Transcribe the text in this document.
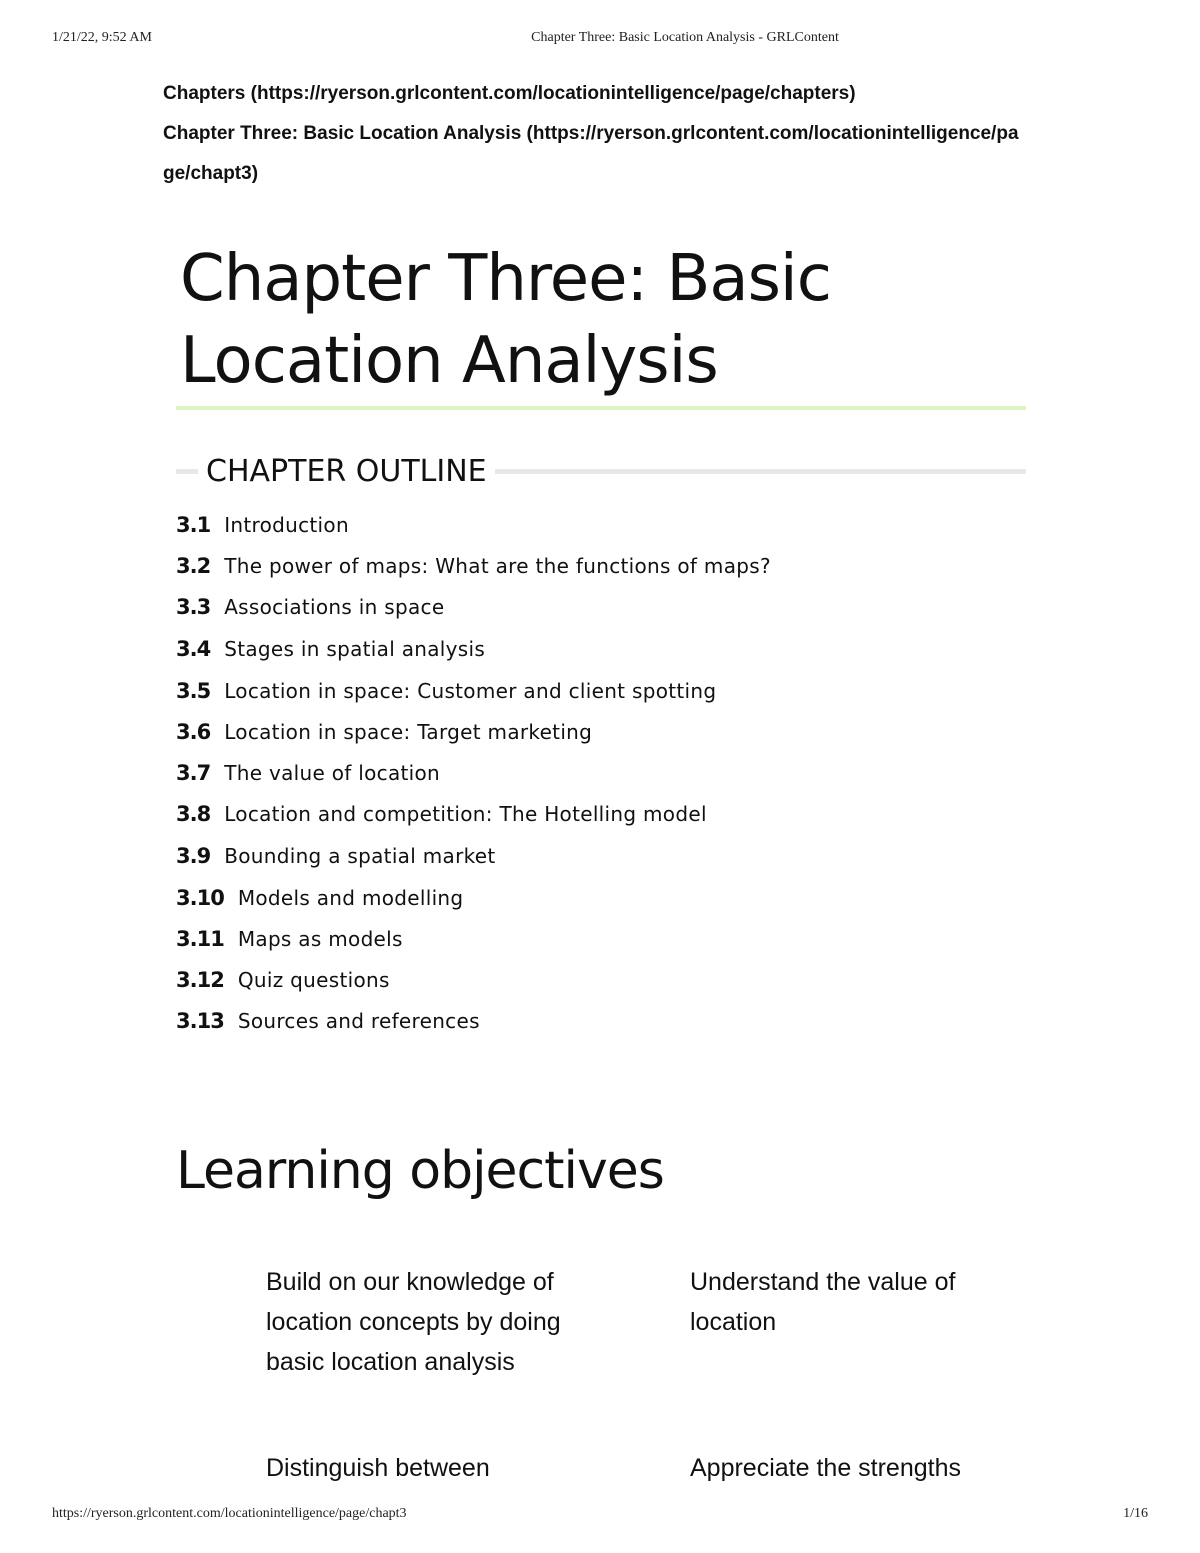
1/21/22, 9:52 AM	Chapter Three: Basic Location Analysis - GRLContent
Chapters (https://ryerson.grlcontent.com/locationintelligence/page/chapters)
Chapter Three: Basic Location Analysis (https://ryerson.grlcontent.com/locationintelligence/pa ge/chapt3)
Chapter Three: Basic Location Analysis
CHAPTER OUTLINE
3.1 Introduction
3.2 The power of maps: What are the functions of maps?
3.3 Associations in space
3.4 Stages in spatial analysis
3.5 Location in space: Customer and client spotting
3.6 Location in space: Target marketing
3.7 The value of location
3.8 Location and competition: The Hotelling model
3.9 Bounding a spatial market
3.10 Models and modelling
3.11 Maps as models
3.12 Quiz questions
3.13 Sources and references
Learning objectives
Build on our knowledge of location concepts by doing basic location analysis
Understand the value of location
Distinguish between	Appreciate the strengths
https://ryerson.grlcontent.com/locationintelligence/page/chapt3	1/16
